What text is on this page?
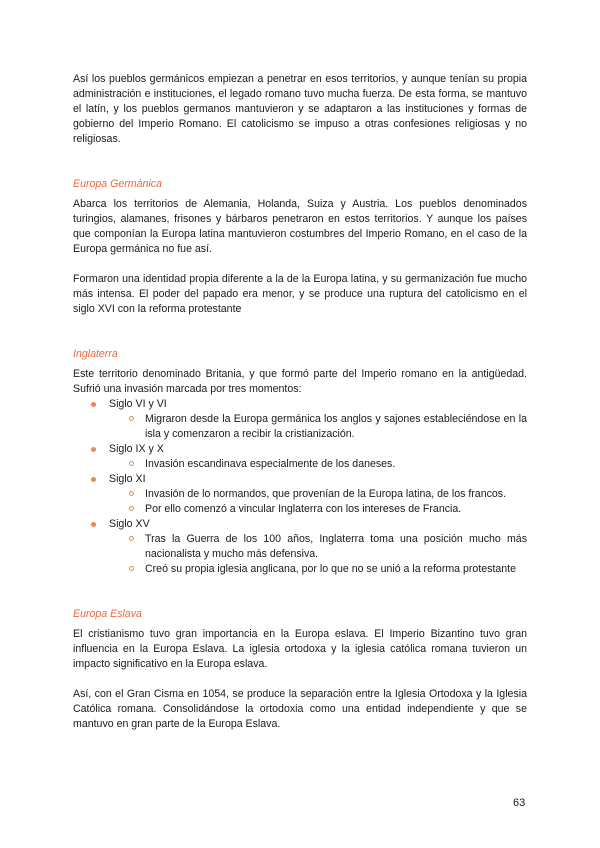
Así los pueblos germánicos empiezan a penetrar en esos territorios, y aunque tenían su propia administración e instituciones, el legado romano tuvo mucha fuerza. De esta forma, se mantuvo el latín, y los pueblos germanos mantuvieron y se adaptaron a las instituciones y formas de gobierno del Imperio Romano. El catolicismo se impuso a otras confesiones religiosas y no religiosas.

Europa Germánica

Abarca los territorios de Alemania, Holanda, Suiza y Austria. Los pueblos denominados turingios, alamanes, frisones y bárbaros penetraron en estos territorios. Y aunque los países que componían la Europa latina mantuvieron costumbres del Imperio Romano, en el caso de la Europa germánica no fue así.

Formaron una identidad propia diferente a la de la Europa latina, y su germanización fue mucho más intensa. El poder del papado era menor, y se produce una ruptura del catolicismo en el siglo XVI con la reforma protestante

Inglaterra

Este territorio denominado Britania, y que formó parte del Imperio romano en la antigüedad. Sufrió una invasión marcada por tres momentos:

Siglo VI y VI
Migraron desde la Europa germánica los anglos y sajones estableciéndose en la isla y comenzaron a recibir la cristianización.
Siglo IX y X
Invasión escandinava especialmente de los daneses.
Siglo XI
Invasión de lo normandos, que provenían de la Europa latina, de los francos.
Por ello comenzó a vincular Inglaterra con los intereses de Francia.
Siglo XV
Tras la Guerra de los 100 años, Inglaterra toma una posición mucho más nacionalista y mucho más defensiva.
Creó su propia iglesia anglicana, por lo que no se unió a la reforma protestante

Europa Eslava

El cristianismo tuvo gran importancia en la Europa eslava. El Imperio Bizantino tuvo gran influencia en la Europa Eslava. La iglesia ortodoxa y la iglesia católica romana tuvieron un impacto significativo en la Europa eslava.

Así, con el Gran Cisma en 1054, se produce la separación entre la Iglesia Ortodoxa y la Iglesia Católica romana. Consolidándose la ortodoxia como una entidad independiente y que se mantuvo en gran parte de la Europa Eslava.

63
